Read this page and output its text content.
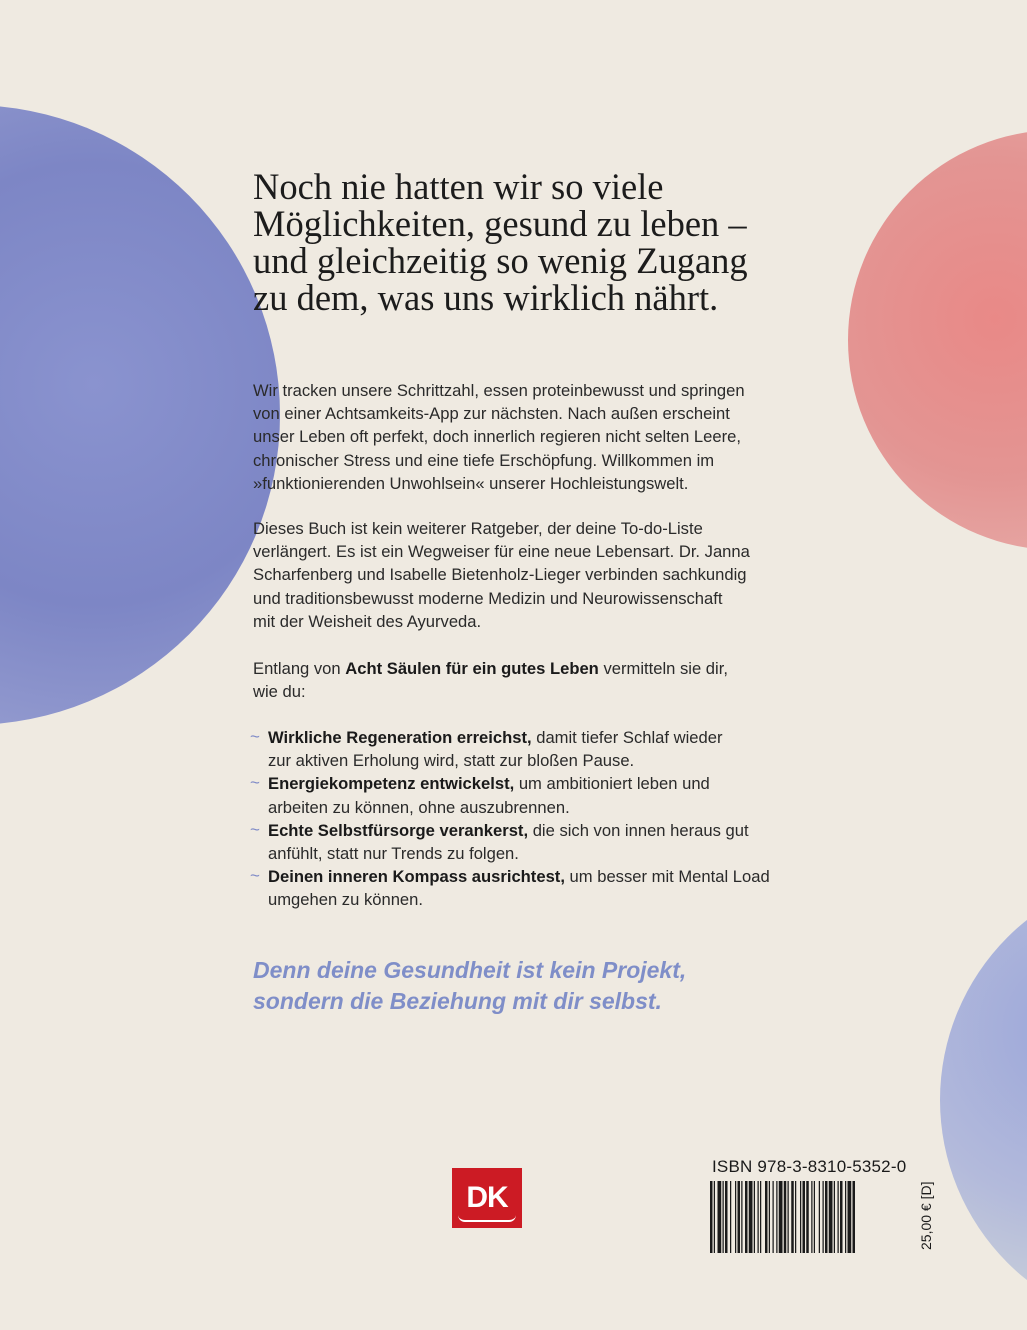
Noch nie hatten wir so viele
Möglichkeiten, gesund zu leben –
und gleichzeitig so wenig Zugang
zu dem, was uns wirklich nährt.

Wir tracken unsere Schrittzahl, essen proteinbewusst und springen
von einer Achtsamkeits-App zur nächsten. Nach außen erscheint
unser Leben oft perfekt, doch innerlich regieren nicht selten Leere,
chronischer Stress und eine tiefe Erschöpfung. Willkommen im
»funktionierenden Unwohlsein« unserer Hochleistungswelt.

Dieses Buch ist kein weiterer Ratgeber, der deine To-do-Liste
verlängert. Es ist ein Wegweiser für eine neue Lebensart. Dr. Janna
Scharfenberg und Isabelle Bietenholz-Lieger verbinden sachkundig
und traditionsbewusst moderne Medizin und Neurowissenschaft
mit der Weisheit des Ayurveda.

Entlang von Acht Säulen für ein gutes Leben vermitteln sie dir,
wie du:

~ Wirkliche Regeneration erreichst, damit tiefer Schlaf wieder
zur aktiven Erholung wird, statt zur bloßen Pause.
~ Energiekompetenz entwickelst, um ambitioniert leben und
arbeiten zu können, ohne auszubrennen.
~ Echte Selbstfürsorge verankerst, die sich von innen heraus gut
anfühlt, statt nur Trends zu folgen.
~ Deinen inneren Kompass ausrichtest, um besser mit Mental Load
umgehen zu können.

Denn deine Gesundheit ist kein Projekt,
sondern die Beziehung mit dir selbst.

DK
ISBN 978-3-8310-5352-0
25,00 € [D]
